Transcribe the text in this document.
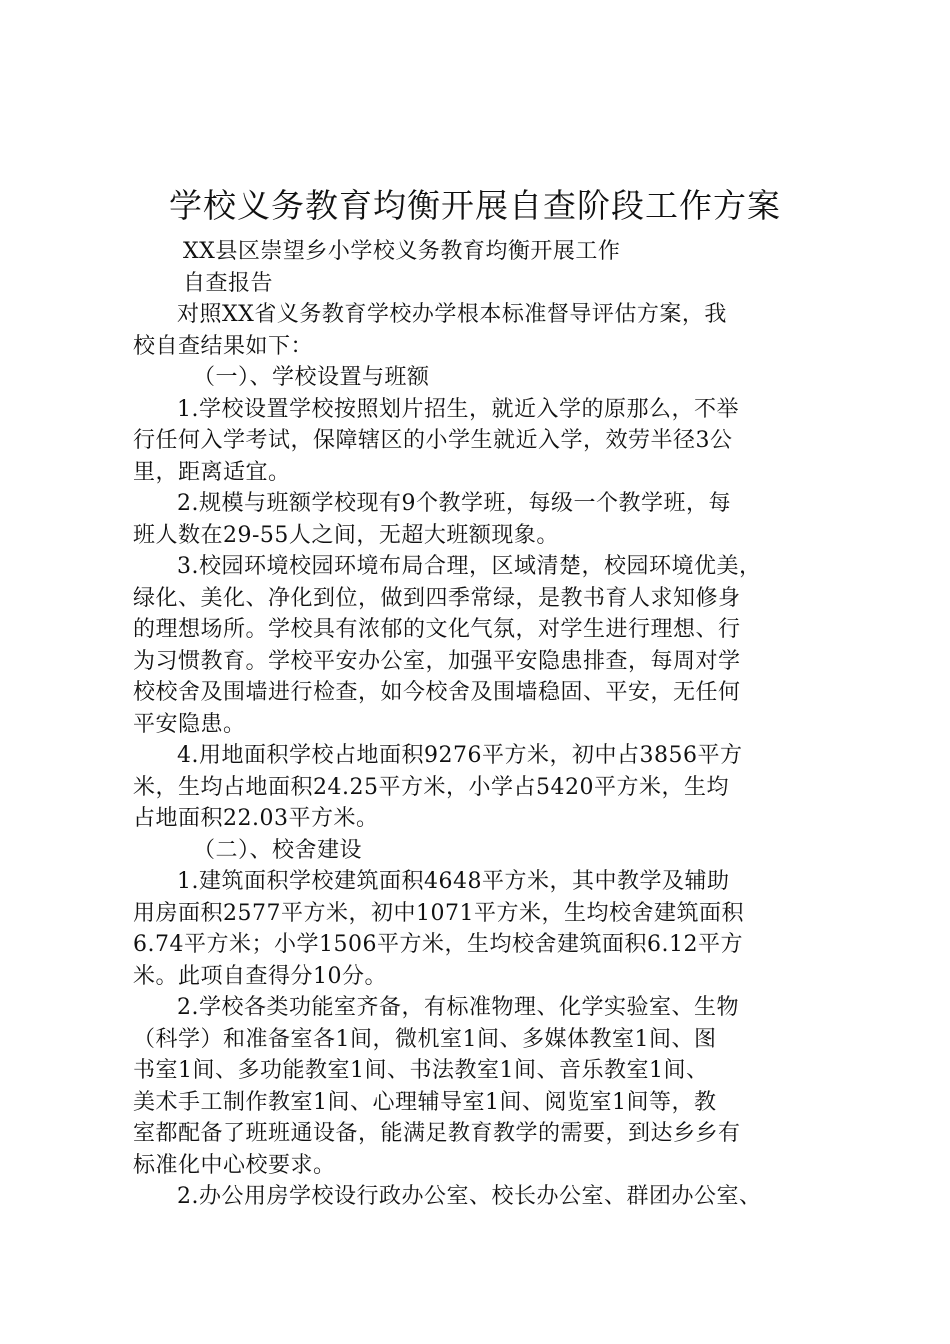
学校义务教育均衡开展自查阶段工作方案
XX县区崇望乡小学校义务教育均衡开展工作
自查报告
对照XX省义务教育学校办学根本标准督导评估方案，我
校自查结果如下：
（一）、学校设置与班额
1.学校设置学校按照划片招生，就近入学的原那么，不举
行任何入学考试，保障辖区的小学生就近入学，效劳半径3公
里，距离适宜。
2.规模与班额学校现有9个教学班，每级一个教学班，每
班人数在29-55人之间，无超大班额现象。
3.校园环境校园环境布局合理，区域清楚，校园环境优美，
绿化、美化、净化到位，做到四季常绿，是教书育人求知修身
的理想场所。学校具有浓郁的文化气氛，对学生进行理想、行
为习惯教育。学校平安办公室，加强平安隐患排查，每周对学
校校舍及围墙进行检查，如今校舍及围墙稳固、平安，无任何
平安隐患。
4.用地面积学校占地面积9276平方米，初中占3856平方
米，生均占地面积24.25平方米，小学占5420平方米，生均
占地面积22.03平方米。
（二）、校舍建设
1.建筑面积学校建筑面积4648平方米，其中教学及辅助
用房面积2577平方米，初中1071平方米，生均校舍建筑面积
6.74平方米；小学1506平方米，生均校舍建筑面积6.12平方
米。此项自查得分10分。
2.学校各类功能室齐备，有标准物理、化学实验室、生物
（科学）和准备室各1间，微机室1间、多媒体教室1间、图
书室1间、多功能教室1间、书法教室1间、音乐教室1间、
美术手工制作教室1间、心理辅导室1间、阅览室1间等，教
室都配备了班班通设备，能满足教育教学的需要，到达乡乡有
标准化中心校要求。
2.办公用房学校设行政办公室、校长办公室、群团办公室、
